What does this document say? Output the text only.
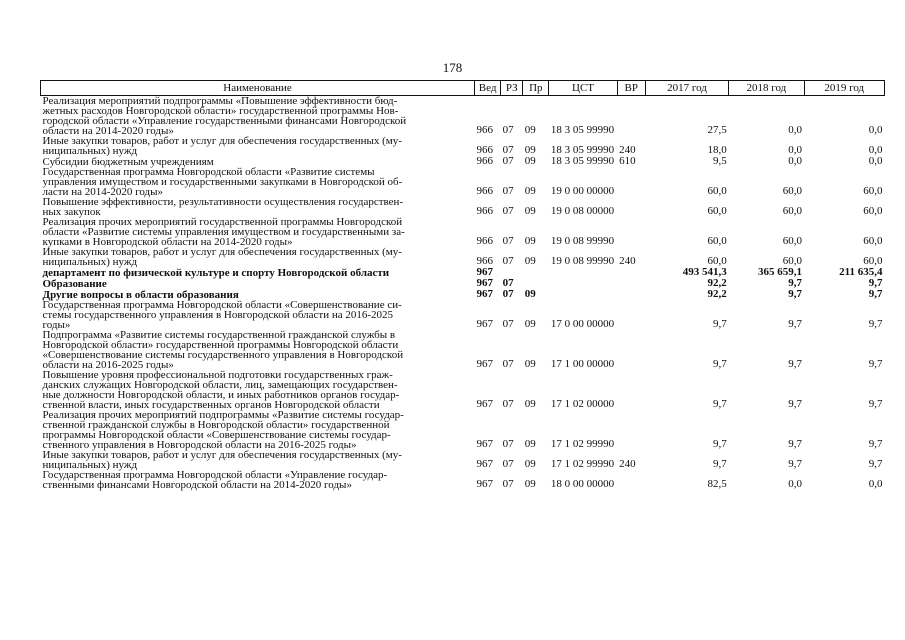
178
Наименование	Вед	РЗ	Пр	ЦСТ	ВР	2017 год	2018 год	2019 год

Реализация мероприятий подпрограммы «Повышение эффективности бюд-
жетных расходов Новгородской области» государственной программы Нов-
городской области «Управление государственными финансами Новгородской
области на 2014-2020 годы»	966	07	09	18 3 05 99990		27,5	0,0	0,0

Иные закупки товаров, работ и услуг для обеспечения государственных (му-
ниципальных) нужд	966	07	09	18 3 05 99990	240	18,0	0,0	0,0

Субсидии бюджетным учреждениям	966	07	09	18 3 05 99990	610	9,5	0,0	0,0

Государственная программа Новгородской области «Развитие системы
управления имуществом и государственными закупками в Новгородской об-
ласти на 2014-2020 годы»	966	07	09	19 0 00 00000		60,0	60,0	60,0

Повышение эффективности, результативности осуществления государствен-
ных закупок	966	07	09	19 0 08 00000		60,0	60,0	60,0

Реализация прочих мероприятий государственной программы Новгородской
области «Развитие системы управления имуществом и государственными за-
купками в Новгородской области на 2014-2020 годы»	966	07	09	19 0 08 99990		60,0	60,0	60,0

Иные закупки товаров, работ и услуг для обеспечения государственных (му-
ниципальных) нужд	966	07	09	19 0 08 99990	240	60,0	60,0	60,0

департамент по физической культуре и спорту Новгородской области	967					493 541,3	365 659,1	211 635,4

Образование	967	07				92,2	9,7	9,7

Другие вопросы в области образования	967	07	09			92,2	9,7	9,7

Государственная программа Новгородской области «Совершенствование си-
стемы государственного управления в Новгородской области на 2016-2025
годы»	967	07	09	17 0 00 00000		9,7	9,7	9,7

Подпрограмма «Развитие системы государственной гражданской службы в
Новгородской области» государственной программы Новгородской области
«Совершенствование системы государственного управления в Новгородской
области на 2016-2025 годы»	967	07	09	17 1 00 00000		9,7	9,7	9,7

Повышение уровня профессиональной подготовки государственных граж-
данских служащих Новгородской области, лиц, замещающих государствен-
ные должности Новгородской области, и иных работников органов государ-
ственной власти, иных государственных органов Новгородской области	967	07	09	17 1 02 00000		9,7	9,7	9,7

Реализация прочих мероприятий подпрограммы «Развитие системы государ-
ственной гражданской службы в Новгородской области» государственной
программы Новгородской области «Совершенствование системы государ-
ственного управления в Новгородской области на 2016-2025 годы»	967	07	09	17 1 02 99990		9,7	9,7	9,7

Иные закупки товаров, работ и услуг для обеспечения государственных (му-
ниципальных) нужд	967	07	09	17 1 02 99990	240	9,7	9,7	9,7

Государственная программа Новгородской области «Управление государ-
ственными финансами Новгородской области на 2014-2020 годы»	967	07	09	18 0 00 00000		82,5	0,0	0,0
